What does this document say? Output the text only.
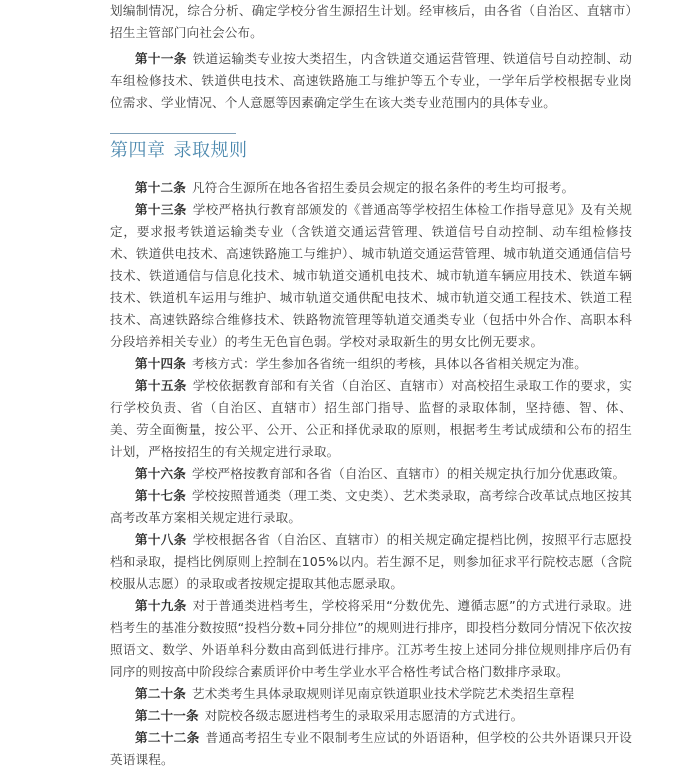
划编制情况，综合分析、确定学校分省生源招生计划。经审核后，由各省（自治区、直辖市）招生主管部门向社会公布。

第十一条 铁道运输类专业按大类招生，内含铁道交通运营管理、铁道信号自动控制、动车组检修技术、铁道供电技术、高速铁路施工与维护等五个专业，一学年后学校根据专业岗位需求、学业情况、个人意愿等因素确定学生在该大类专业范围内的具体专业。

第四章 录取规则

第十二条 凡符合生源所在地各省招生委员会规定的报名条件的考生均可报考。

第十三条 学校严格执行教育部颁发的《普通高等学校招生体检工作指导意见》及有关规定，要求报考铁道运输类专业（含铁道交通运营管理、铁道信号自动控制、动车组检修技术、铁道供电技术、高速铁路施工与维护）、城市轨道交通运营管理、城市轨道交通通信信号技术、铁道通信与信息化技术、城市轨道交通机电技术、城市轨道车辆应用技术、铁道车辆技术、铁道机车运用与维护、城市轨道交通供配电技术、城市轨道交通工程技术、铁道工程技术、高速铁路综合维修技术、铁路物流管理等轨道交通类专业（包括中外合作、高职本科分段培养相关专业）的考生无色盲色弱。学校对录取新生的男女比例无要求。

第十四条 考核方式：学生参加各省统一组织的考核，具体以各省相关规定为准。

第十五条 学校依据教育部和有关省（自治区、直辖市）对高校招生录取工作的要求，实行学校负责、省（自治区、直辖市）招生部门指导、监督的录取体制，坚持德、智、体、美、劳全面衡量，按公平、公开、公正和择优录取的原则，根据考生考试成绩和公布的招生计划，严格按招生的有关规定进行录取。

第十六条 学校严格按教育部和各省（自治区、直辖市）的相关规定执行加分优惠政策。

第十七条 学校按照普通类（理工类、文史类）、艺术类录取，高考综合改革试点地区按其高考改革方案相关规定进行录取。

第十八条 学校根据各省（自治区、直辖市）的相关规定确定提档比例，按照平行志愿投档和录取，提档比例原则上控制在105%以内。若生源不足，则参加征求平行院校志愿（含院校服从志愿）的录取或者按规定提取其他志愿录取。

第十九条 对于普通类进档考生，学校将采用“分数优先、遵循志愿”的方式进行录取。进档考生的基准分数按照“投档分数+同分排位”的规则进行排序，即投档分数同分情况下依次按照语文、数学、外语单科分数由高到低进行排序。江苏考生按上述同分排位规则排序后仍有同序的则按高中阶段综合素质评价中考生学业水平合格性考试合格门数排序录取。

第二十条 艺术类考生具体录取规则详见南京铁道职业技术学院艺术类招生章程

第二十一条 对院校各级志愿进档考生的录取采用志愿清的方式进行。

第二十二条 普通高考招生专业不限制考生应试的外语语种，但学校的公共外语课只开设英语课程。
